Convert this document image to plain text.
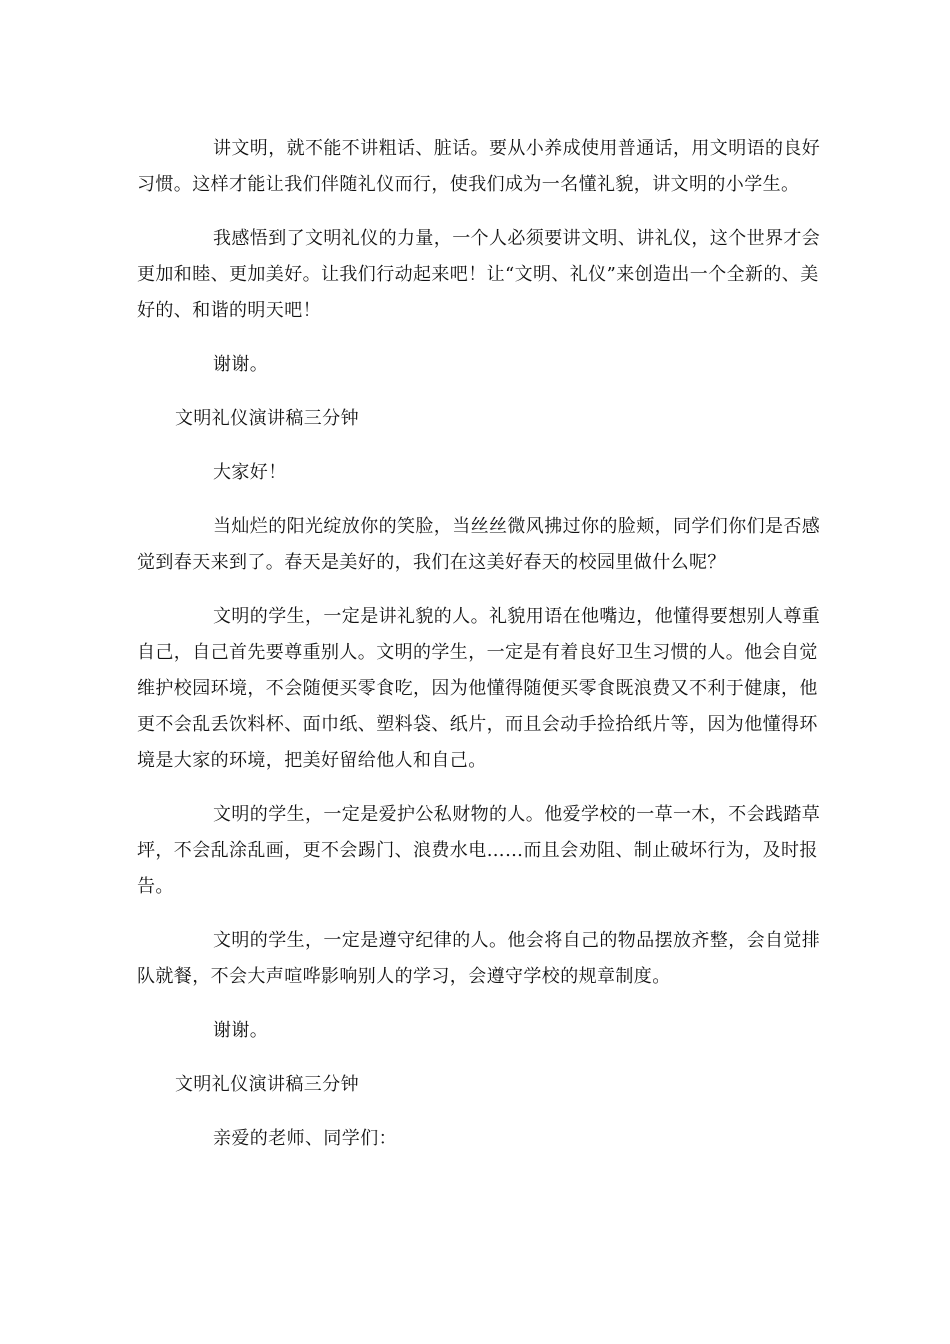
讲文明，就不能不讲粗话、脏话。要从小养成使用普通话，用文明语的良好习惯。这样才能让我们伴随礼仪而行，使我们成为一名懂礼貌，讲文明的小学生。

我感悟到了文明礼仪的力量，一个人必须要讲文明、讲礼仪，这个世界才会更加和睦、更加美好。让我们行动起来吧！让“文明、礼仪”来创造出一个全新的、美好的、和谐的明天吧！

谢谢。

文明礼仪演讲稿三分钟

大家好！

当灿烂的阳光绽放你的笑脸，当丝丝微风拂过你的脸颊，同学们你们是否感觉到春天来到了。春天是美好的，我们在这美好春天的校园里做什么呢？

文明的学生，一定是讲礼貌的人。礼貌用语在他嘴边，他懂得要想别人尊重自己，自己首先要尊重别人。文明的学生，一定是有着良好卫生习惯的人。他会自觉维护校园环境，不会随便买零食吃，因为他懂得随便买零食既浪费又不利于健康，他更不会乱丢饮料杯、面巾纸、塑料袋、纸片，而且会动手捡拾纸片等，因为他懂得环境是大家的环境，把美好留给他人和自己。

文明的学生，一定是爱护公私财物的人。他爱学校的一草一木，不会践踏草坪，不会乱涂乱画，更不会踢门、浪费水电……而且会劝阻、制止破坏行为，及时报告。

文明的学生，一定是遵守纪律的人。他会将自己的物品摆放齐整，会自觉排队就餐，不会大声喧哗影响别人的学习，会遵守学校的规章制度。

谢谢。

文明礼仪演讲稿三分钟

亲爱的老师、同学们：
